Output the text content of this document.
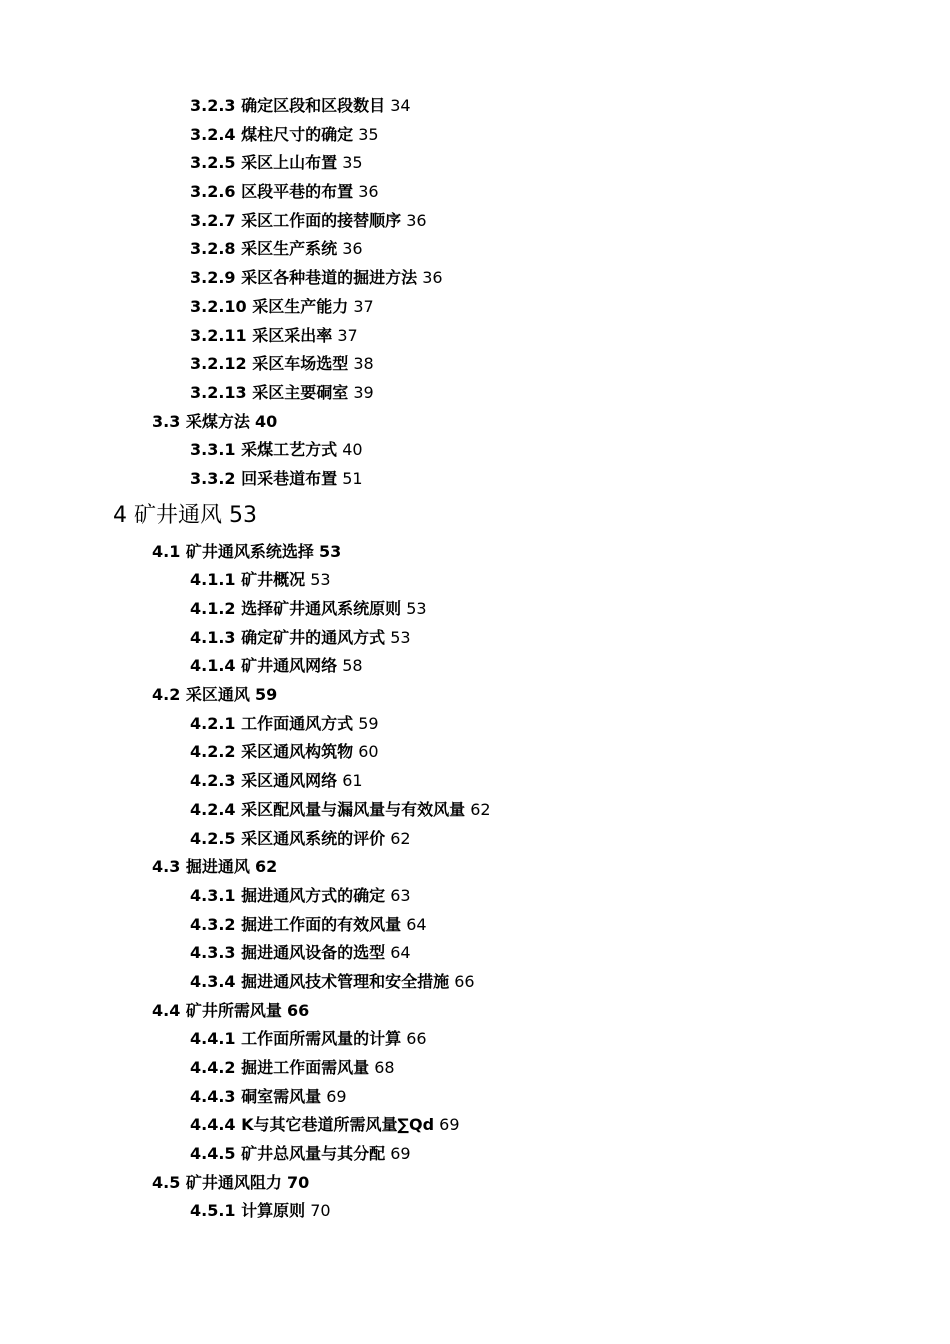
3.2.3 确定区段和区段数目 34
3.2.4 煤柱尺寸的确定 35
3.2.5 采区上山布置 35
3.2.6 区段平巷的布置 36
3.2.7 采区工作面的接替顺序 36
3.2.8 采区生产系统 36
3.2.9 采区各种巷道的掘进方法 36
3.2.10 采区生产能力 37
3.2.11 采区采出率 37
3.2.12 采区车场选型 38
3.2.13 采区主要硐室 39
3.3 采煤方法 40
3.3.1 采煤工艺方式 40
3.3.2 回采巷道布置 51
4 矿井通风 53
4.1 矿井通风系统选择 53
4.1.1 矿井概况 53
4.1.2 选择矿井通风系统原则 53
4.1.3 确定矿井的通风方式 53
4.1.4 矿井通风网络 58
4.2 采区通风 59
4.2.1 工作面通风方式 59
4.2.2 采区通风构筑物 60
4.2.3 采区通风网络 61
4.2.4 采区配风量与漏风量与有效风量 62
4.2.5 采区通风系统的评价 62
4.3 掘进通风 62
4.3.1 掘进通风方式的确定 63
4.3.2 掘进工作面的有效风量 64
4.3.3 掘进通风设备的选型 64
4.3.4 掘进通风技术管理和安全措施 66
4.4 矿井所需风量 66
4.4.1 工作面所需风量的计算 66
4.4.2 掘进工作面需风量 68
4.4.3 硐室需风量 69
4.4.4 K与其它巷道所需风量∑Qd 69
4.4.5 矿井总风量与其分配 69
4.5 矿井通风阻力 70
4.5.1 计算原则 70
